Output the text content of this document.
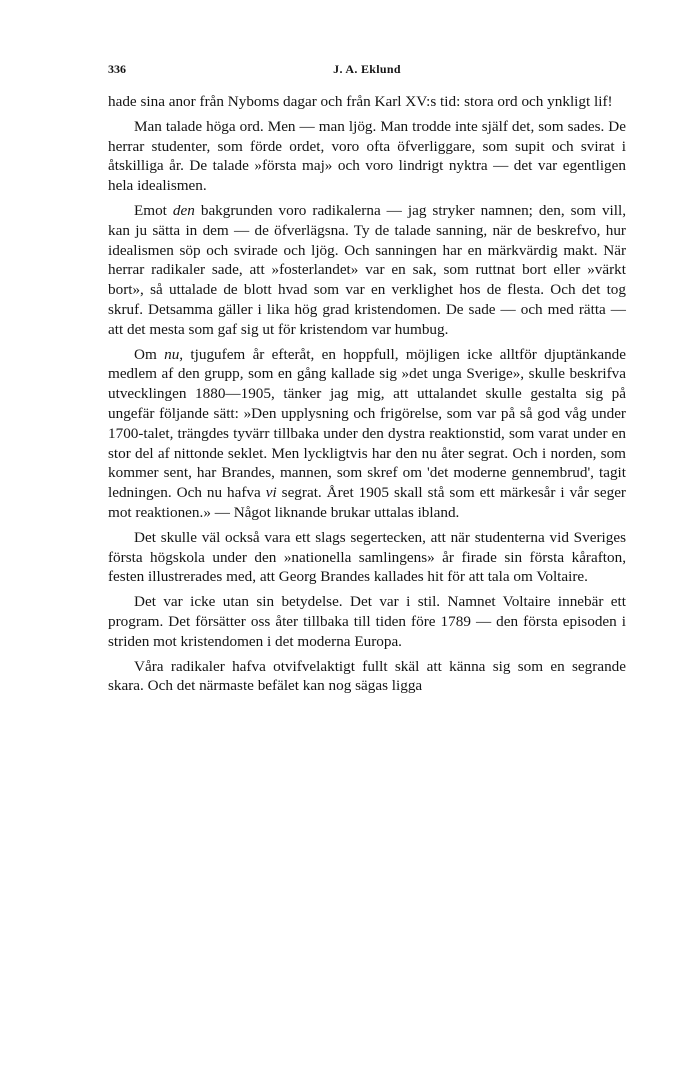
336	J. A. Eklund

hade sina anor från Nyboms dagar och från Karl XV:s tid: stora ord och ynkligt lif!

Man talade höga ord. Men — man ljög. Man trodde inte själf det, som sades. De herrar studenter, som förde ordet, voro ofta öfverliggare, som supit och svirat i åtskilliga år. De talade »första maj» och voro lindrigt nyktra — det var egentligen hela idealismen.

Emot den bakgrunden voro radikalerna — jag stryker namnen; den, som vill, kan ju sätta in dem — de öfverlägsna. Ty de talade sanning, när de beskrefvo, hur idealismen söp och svirade och ljög. Och sanningen har en märkvärdig makt. När herrar radikaler sade, att »fosterlandet» var en sak, som ruttnat bort eller »värkt bort», så uttalade de blott hvad som var en verklighet hos de flesta. Och det tog skruf. Detsamma gäller i lika hög grad kristendomen. De sade — och med rätta — att det mesta som gaf sig ut för kristendom var humbug.

Om nu, tjugufem år efteråt, en hoppfull, möjligen icke alltför djuptänkande medlem af den grupp, som en gång kallade sig »det unga Sverige», skulle beskrifva utvecklingen 1880—1905, tänker jag mig, att uttalandet skulle gestalta sig på ungefär följande sätt: »Den upplysning och frigörelse, som var på så god våg under 1700-talet, trängdes tyvärr tillbaka under den dystra reaktionstid, som varat under en stor del af nittonde seklet. Men lyckligtvis har den nu åter segrat. Och i norden, som kommer sent, har Brandes, mannen, som skref om 'det moderne gennembrud', tagit ledningen. Och nu hafva vi segrat. Året 1905 skall stå som ett märkesår i vår seger mot reaktionen.» — Något liknande brukar uttalas ibland.

Det skulle väl också vara ett slags segertecken, att när studenterna vid Sveriges första högskola under den »nationella samlingens» år firade sin första kårafton, festen illustrerades med, att Georg Brandes kallades hit för att tala om Voltaire.

Det var icke utan sin betydelse. Det var i stil. Namnet Voltaire innebär ett program. Det försätter oss åter tillbaka till tiden före 1789 — den första episoden i striden mot kristendomen i det moderna Europa.

Våra radikaler hafva otvifvelaktigt fullt skäl att känna sig som en segrande skara. Och det närmaste befälet kan nog sägas ligga
